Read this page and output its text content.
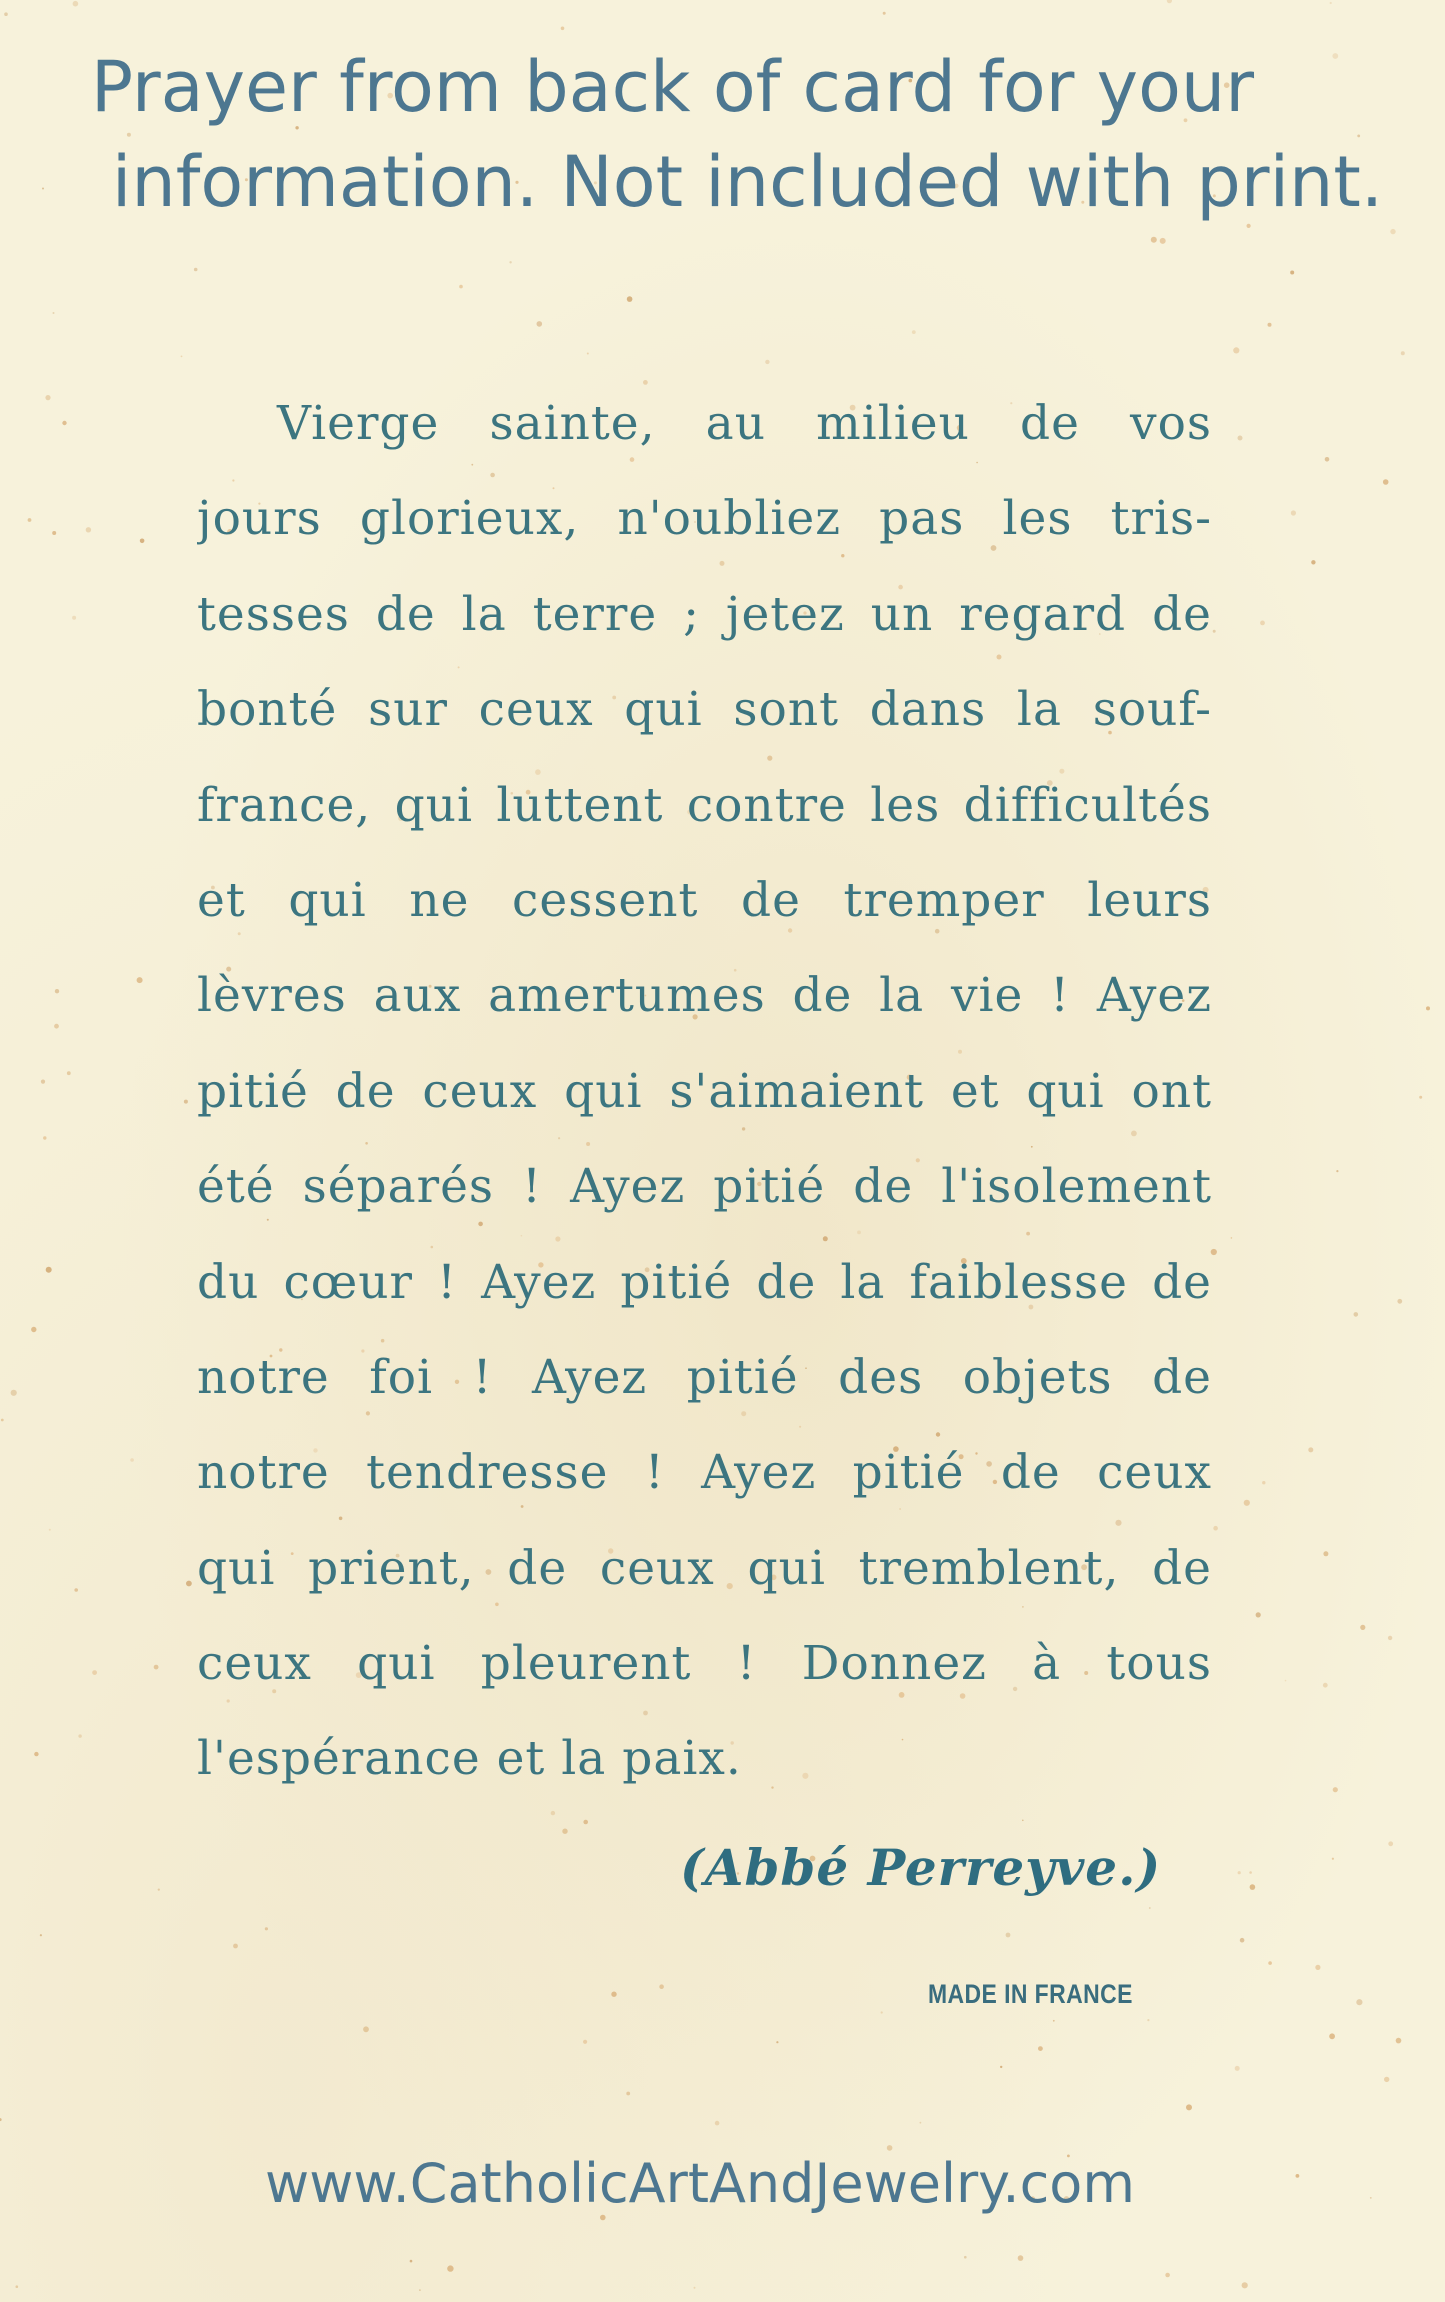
Prayer from back of card for your
information. Not included with print.
Vierge sainte, au milieu de vos
jours glorieux, n'oubliez pas les tris-
tesses de la terre ; jetez un regard de
bonté sur ceux qui sont dans la souf-
france, qui luttent contre les difficultés
et qui ne cessent de tremper leurs
lèvres aux amertumes de la vie ! Ayez
pitié de ceux qui s'aimaient et qui ont
été séparés ! Ayez pitié de l'isolement
du cœur ! Ayez pitié de la faiblesse de
notre foi ! Ayez pitié des objets de
notre tendresse ! Ayez pitié de ceux
qui prient, de ceux qui tremblent, de
ceux qui pleurent ! Donnez à tous
l'espérance et la paix.
(Abbé Perreyve.)
MADE IN FRANCE
www.CatholicArtAndJewelry.com
